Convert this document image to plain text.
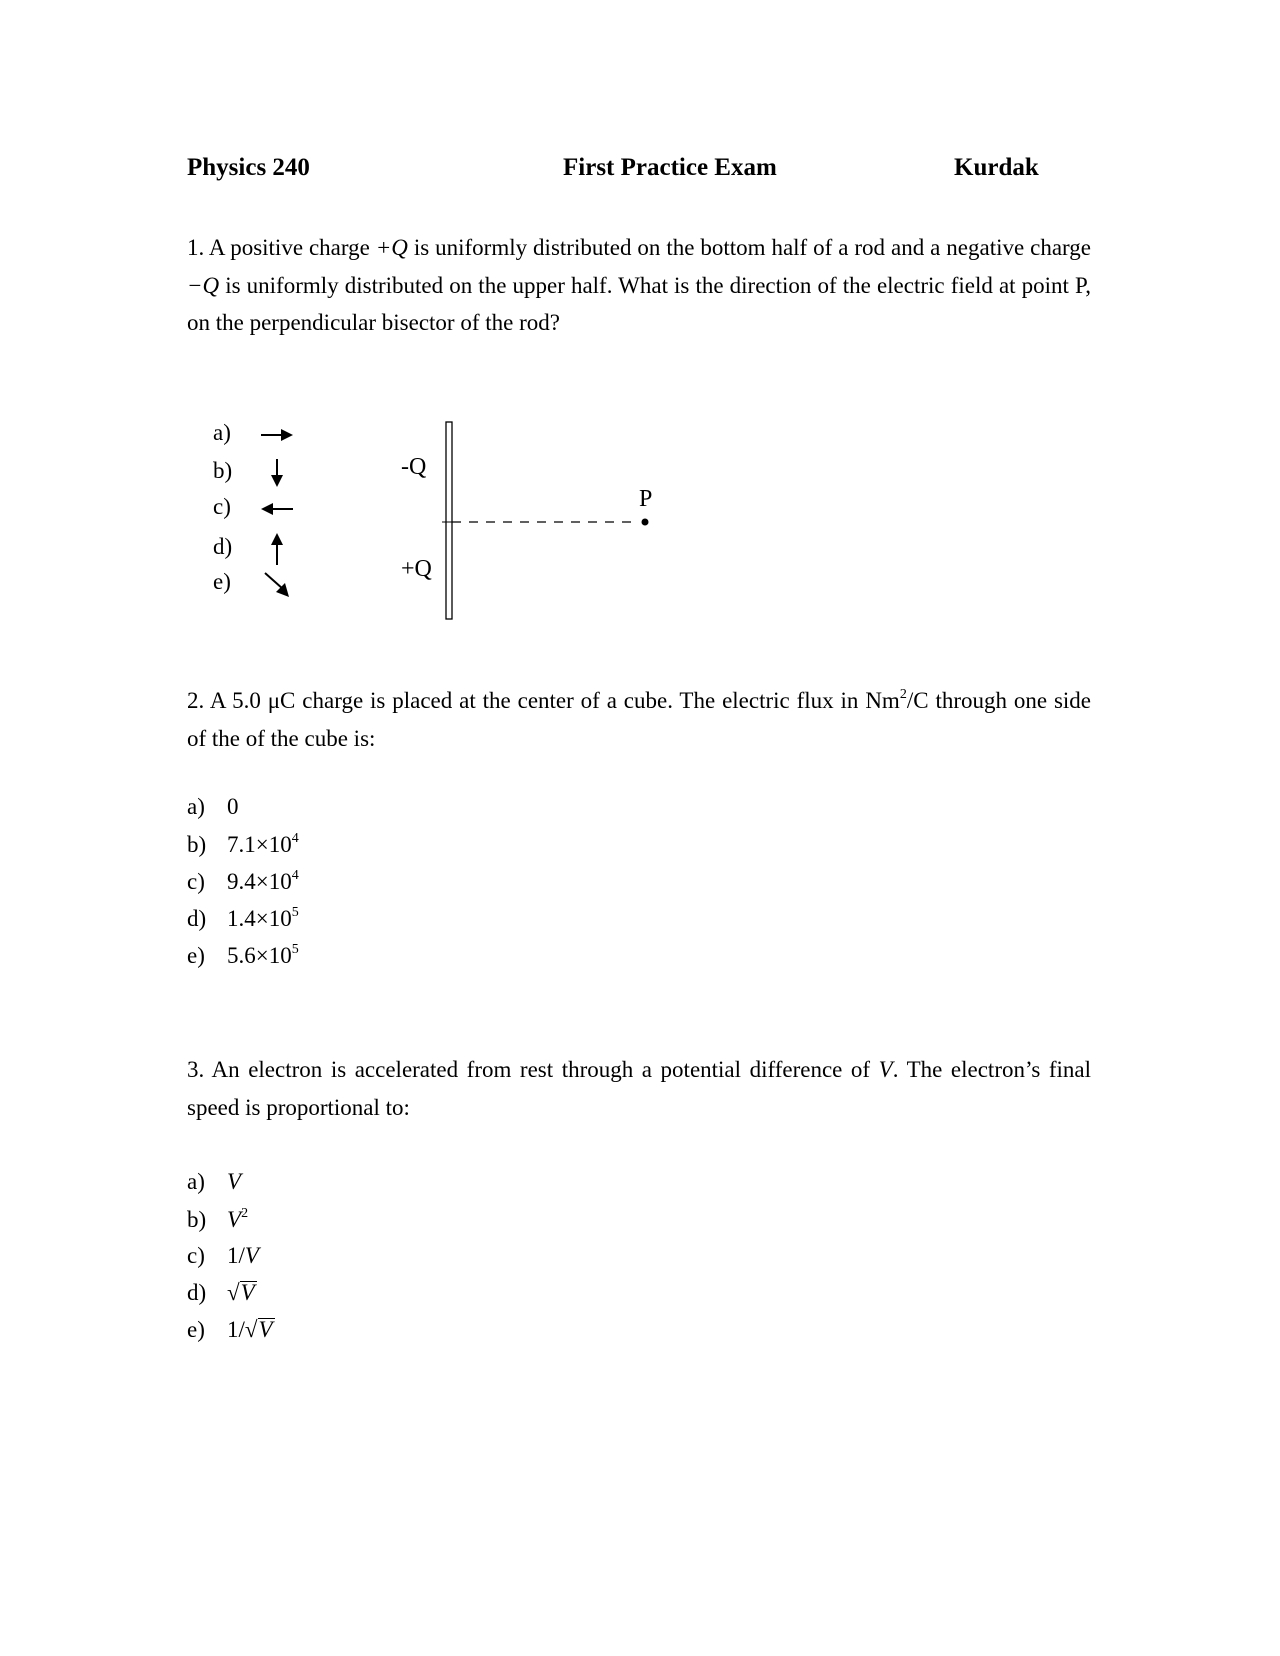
Physics 240	First Practice Exam	Kurdak
1. A positive charge +Q is uniformly distributed on the bottom half of a rod and a negative charge −Q is uniformly distributed on the upper half. What is the direction of the electric field at point P, on the perpendicular bisector of the rod?
a)
b)
c)
d)
e)
-Q
+Q
P
2. A 5.0 μC charge is placed at the center of a cube. The electric flux in Nm$^2$/C through one side of the of the cube is:
a) 0
b) $7.1\times 10^4$
c) $9.4\times 10^4$
d) $1.4\times 10^5$
e) $5.6\times 10^5$
3. An electron is accelerated from rest through a potential difference of V. The electron’s final speed is proportional to:
a) V
b) $V^2$
c) 1/V
d) √V
e) 1/√V
